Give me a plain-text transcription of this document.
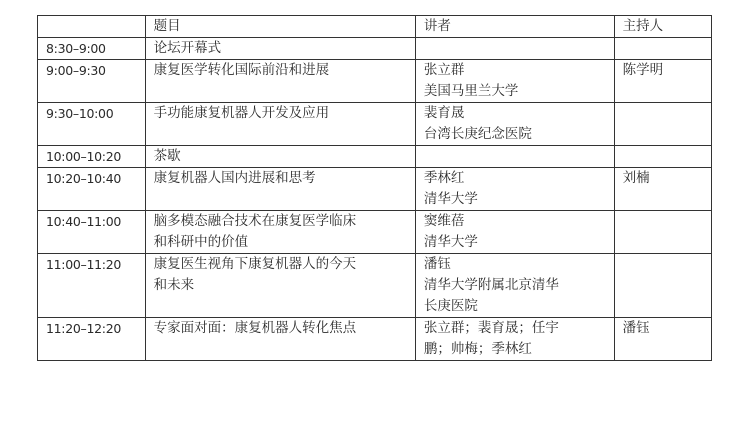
	题目	讲者	主持人
8:30–9:00	论坛开幕式		

9:00–9:30	康复医学转化国际前沿和进展	张立群
美国马里兰大学	陈学明
9:30–10:00	手功能康复机器人开发及应用	裴育晟
台湾长庚纪念医院	

10:00–10:20	茶歇		

10:20–10:40	康复机器人国内进展和思考	季林红
清华大学	刘楠
10:40–11:00	脑多模态融合技术在康复医学临床
和科研中的价值	窦维蓓
清华大学	

11:00–11:20	康复医生视角下康复机器人的今天
和未来	潘钰
清华大学附属北京清华
长庚医院	

11:20–12:20	专家面对面：康复机器人转化焦点	张立群；裴育晟；任宇
鹏；帅梅；季林红	潘钰
